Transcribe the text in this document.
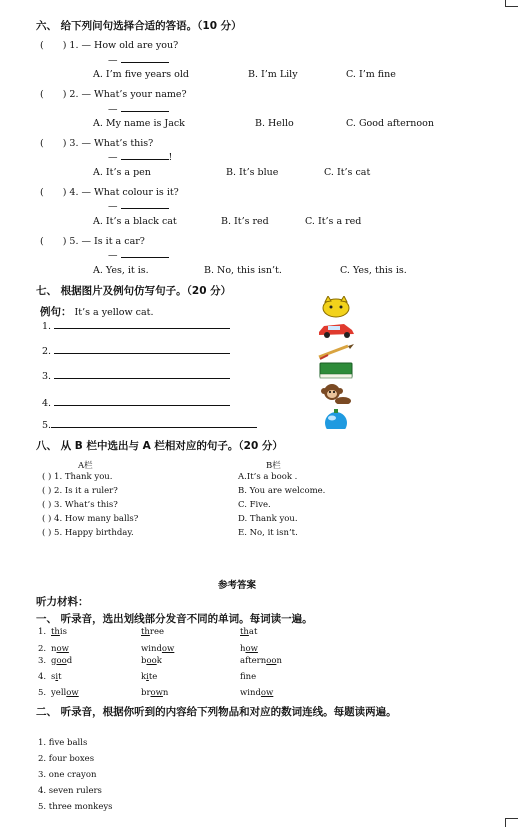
六、 给下列问句选择合适的答语。（10 分）
(　　) 1. — How old are you?
—
A. I’m five years old	B. I’m Lily	C. I’m fine
(　　) 2. — What’s your name?
—
A. My name is Jack	B. Hello	C. Good afternoon
(　　) 3. — What’s this?
—	!
A. It’s a pen	B. It’s blue	C. It’s cat
(　　) 4. — What colour is it?
—
A. It’s a black cat	B. It’s red	C. It’s a red
(　　) 5. — Is it a car?
—
A. Yes, it is.	B. No, this isn’t.	C. Yes, this is.
七、 根据图片及例句仿写句子。（20 分）
例句： It’s a yellow cat.
1.
2.
3.
4.
5.
八、 从 B 栏中选出与 A 栏相对应的句子。（20 分）
A栏	B栏
( ) 1. Thank you.	A.It’s a book .
( ) 2. Is it a ruler?	B. You are welcome.
( ) 3. What’s this?	C. Five.
( ) 4. How many balls?	D. Thank you.
( ) 5. Happy birthday.	E. No, it isn’t.
参考答案
听力材料：
一、 听录音，选出划线部分发音不同的单词。每词读一遍。
1. this	three	that
2. now	window	how
3. good	book	afternoon
4. sit	kite	fne
5. yellow	brown	window
二、 听录音，根据你听到的内容给下列物品和对应的数词连线。每题读两遍。
1. five balls
2. four boxes
3. one crayon
4. seven rulers
5. three monkeys
